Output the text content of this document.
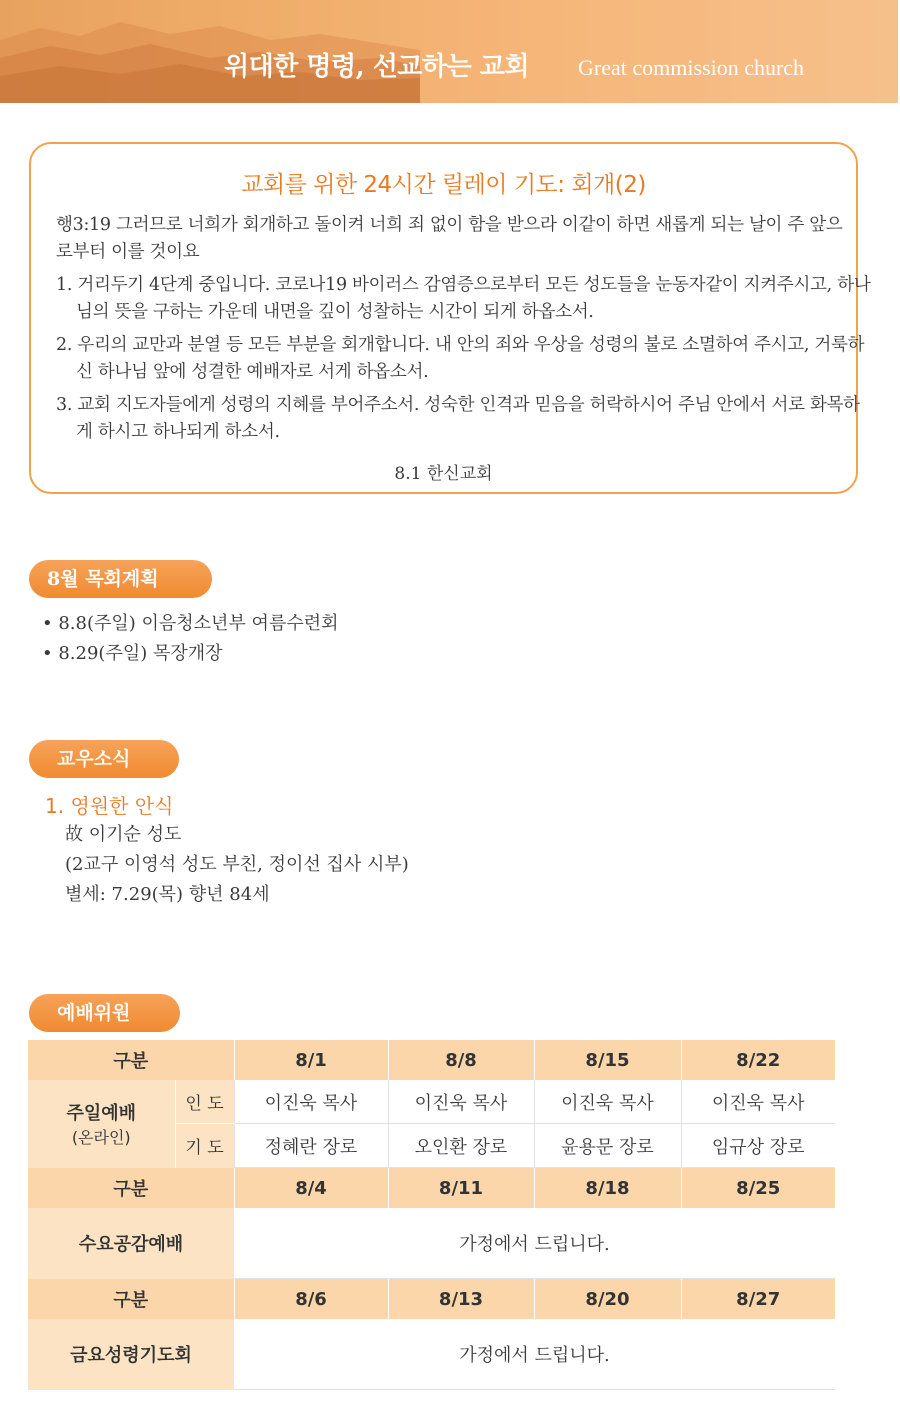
위대한 명령, 선교하는 교회 Great commission church
교회를 위한 24시간 릴레이 기도: 회개(2)
행3:19 그러므로 너희가 회개하고 돌이켜 너희 죄 없이 함을 받으라 이같이 하면 새롭게 되는 날이 주 앞으로부터 이를 것이요
1. 거리두기 4단계 중입니다. 코로나19 바이러스 감염증으로부터 모든 성도들을 눈동자같이 지켜주시고, 하나님의 뜻을 구하는 가운데 내면을 깊이 성찰하는 시간이 되게 하옵소서.
2. 우리의 교만과 분열 등 모든 부분을 회개합니다. 내 안의 죄와 우상을 성령의 불로 소멸하여 주시고, 거룩하신 하나님 앞에 성결한 예배자로 서게 하옵소서.
3. 교회 지도자들에게 성령의 지혜를 부어주소서. 성숙한 인격과 믿음을 허락하시어 주님 안에서 서로 화목하게 하시고 하나되게 하소서.
8.1 한신교회
8월 목회계획
• 8.8(주일) 이음청소년부 여름수련회
• 8.29(주일) 목장개장
교우소식
1. 영원한 안식
故 이기순 성도
(2교구 이영석 성도 부친, 정이선 집사 시부)
별세: 7.29(목) 향년 84세
예배위원
구분		8/1	8/8	8/15	8/22
주일예배
(온라인)	인 도	이진욱 목사	이진욱 목사	이진욱 목사	이진욱 목사
	기 도	정혜란 장로	오인환 장로	윤용문 장로	임규상 장로
구분		8/4	8/11	8/18	8/25
수요공감예배		가정에서 드립니다.			
구분		8/6	8/13	8/20	8/27
금요성령기도회		가정에서 드립니다.			
